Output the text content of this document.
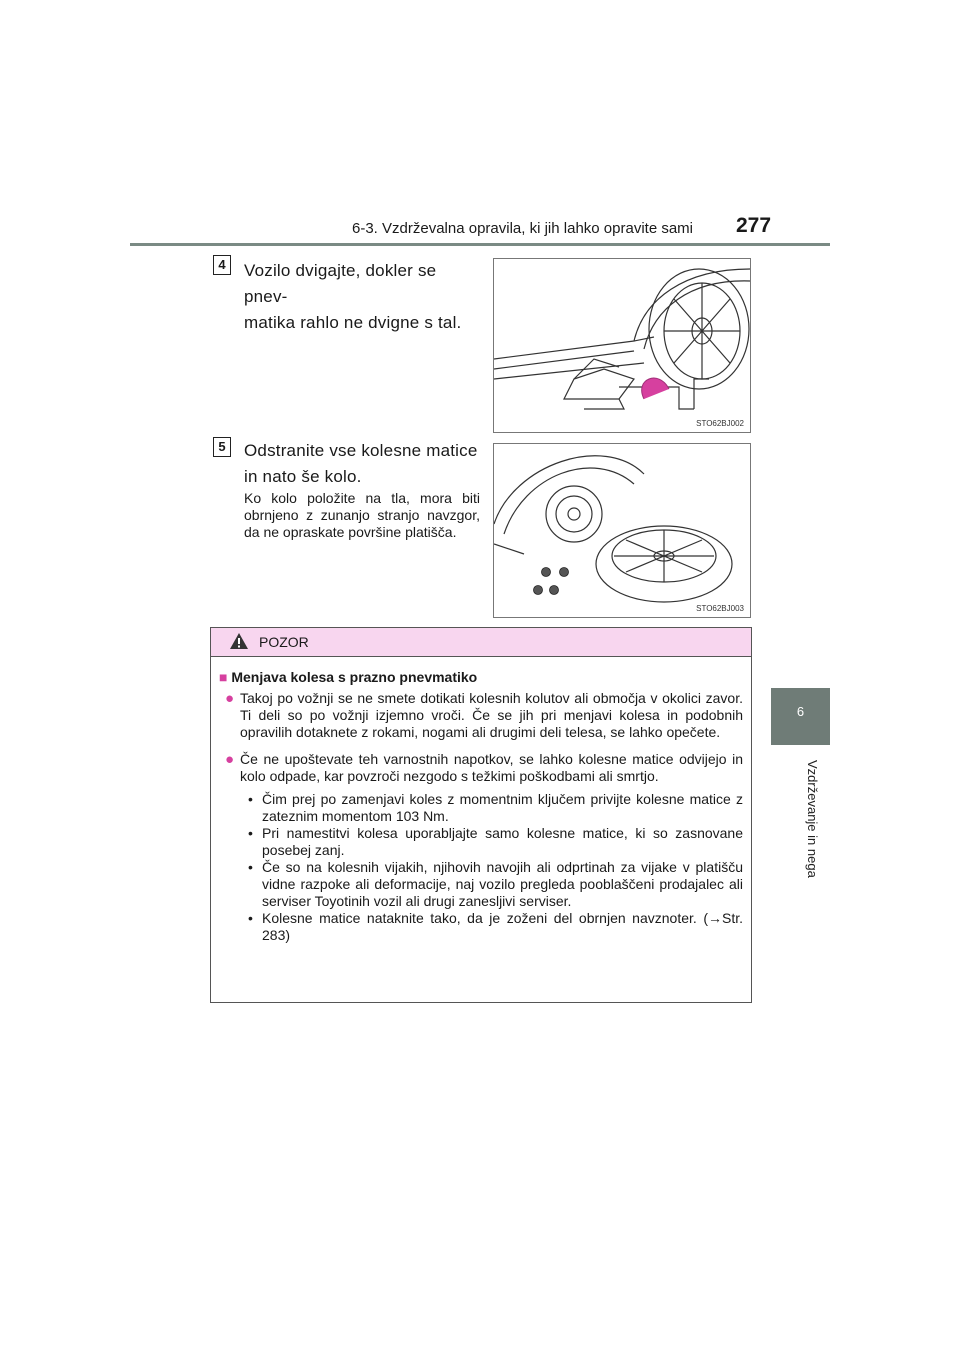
6-3. Vzdrževalna opravila, ki jih lahko opravite sami 277
6
Vzdrževanje in nega
4	Vozilo dvigajte, dokler se pnev-
matika rahlo ne dvigne s tal.
STO62BJ002
5	Odstranite vse kolesne matice
in nato še kolo.
Ko kolo položite na tla, mora biti obrnjeno z zunanjo stranjo navzgor, da ne opraskate površine platišča.
STO62BJ003
POZOR
■ Menjava kolesa s prazno pnevmatiko
● Takoj po vožnji se ne smete dotikati kolesnih kolutov ali območja v okolici zavor. Ti deli so po vožnji izjemno vroči. Če se jih pri menjavi kolesa in podobnih opravilih dotaknete z rokami, nogami ali drugimi deli telesa, se lahko opečete.
● Če ne upoštevate teh varnostnih napotkov, se lahko kolesne matice odvijejo in kolo odpade, kar povzroči nezgodo s težkimi poškodbami ali smrtjo.
• Čim prej po zamenjavi koles z momentnim ključem privijte kolesne matice z zateznim momentom 103 Nm.
• Pri namestitvi kolesa uporabljajte samo kolesne matice, ki so zasnovane posebej zanj.
• Če so na kolesnih vijakih, njihovih navojih ali odprtinah za vijake v platišču vidne razpoke ali deformacije, naj vozilo pregleda pooblaščeni prodajalec ali serviser Toyotinih vozil ali drugi zanesljivi serviser.
• Kolesne matice nataknite tako, da je zoženi del obrnjen navznoter. (→Str. 283)
